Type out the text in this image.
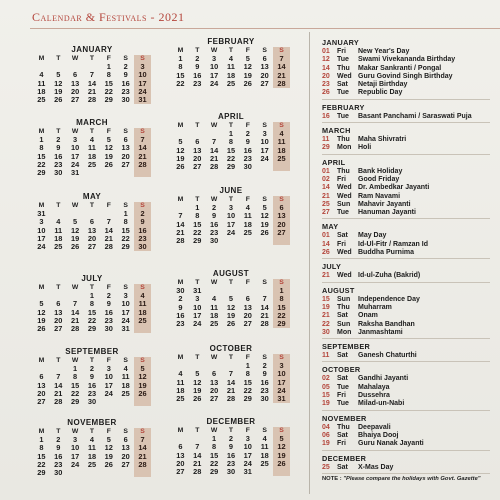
Calendar & Festivals - 2021
JANUARY
M	T	W	T	F	S	S
				1	2	3
4	5	6	7	8	9	10
11	12	13	14	15	16	17
18	19	20	21	22	23	24
25	26	27	28	29	30	31
FEBRUARY
M	T	W	T	F	S	S
1	2	3	4	5	6	7
8	9	10	11	12	13	14
15	16	17	18	19	20	21
22	23	24	25	26	27	28
MARCH
M	T	W	T	F	S	S
1	2	3	4	5	6	7
8	9	10	11	12	13	14
15	16	17	18	19	20	21
22	23	24	25	26	27	28
29	30	31				
APRIL
M	T	W	T	F	S	S
			1	2	3	4
5	6	7	8	9	10	11
12	13	14	15	16	17	18
19	20	21	22	23	24	25
26	27	28	29	30		
MAY
M	T	W	T	F	S	S
31					1	2
3	4	5	6	7	8	9
10	11	12	13	14	15	16
17	18	19	20	21	22	23
24	25	26	27	28	29	30
JUNE
M	T	W	T	F	S	S
	1	2	3	4	5	6
7	8	9	10	11	12	13
14	15	16	17	18	19	20
21	22	23	24	25	26	27
28	29	30				
JULY
M	T	W	T	F	S	S
			1	2	3	4
5	6	7	8	9	10	11
12	13	14	15	16	17	18
19	20	21	22	23	24	25
26	27	28	29	30	31	
AUGUST
M	T	W	T	F	S	S
30	31					1
2	3	4	5	6	7	8
9	10	11	12	13	14	15
16	17	18	19	20	21	22
23	24	25	26	27	28	29
SEPTEMBER
M	T	W	T	F	S	S
		1	2	3	4	5
6	7	8	9	10	11	12
13	14	15	16	17	18	19
20	21	22	23	24	25	26
27	28	29	30			
OCTOBER
M	T	W	T	F	S	S
				1	2	3
4	5	6	7	8	9	10
11	12	13	14	15	16	17
18	19	20	21	22	23	24
25	26	27	28	29	30	31
NOVEMBER
M	T	W	T	F	S	S
1	2	3	4	5	6	7
8	9	10	11	12	13	14
15	16	17	18	19	20	21
22	23	24	25	26	27	28
29	30					
DECEMBER
M	T	W	T	F	S	S
		1	2	3	4	5
6	7	8	9	10	11	12
13	14	15	16	17	18	19
20	21	22	23	24	25	26
27	28	29	30	31		
JANUARY
01	Fri	New Year's Day
12	Tue	Swami Vivekananda Birthday
14	Thu	Makar Sankranti / Pongal
20	Wed Guru Govind Singh Birthday
23	Sat	Netaji Birthday
26	Tue	Republic Day
FEBRUARY
16	Tue	Basant Panchami / Saraswati Puja
MARCH
11	Thu	Maha Shivratri
29	Mon Holi
APRIL
01	Thu	Bank Holiday
02	Fri	Good Friday
14	Wed Dr. Ambedkar Jayanti
21	Wed Ram Navami
25	Sun	Mahavir Jayanti
27	Tue	Hanuman Jayanti
MAY
01	Sat	May Day
14	Fri	Id-Ul-Fitr / Ramzan Id
26	Wed Buddha Purnima
JULY
21	Wed Id-ul-Zuha (Bakrid)
AUGUST
15	Sun	Independence Day
19	Thu	Muharram
21	Sat	Onam
22	Sun	Raksha Bandhan
30	Mon Janmashtami
SEPTEMBER
11	Sat	Ganesh Chaturthi
OCTOBER
02	Sat	Gandhi Jayanti
05	Tue	Mahalaya
15	Fri	Dussehra
19	Tue	Milad-un-Nabi
NOVEMBER
04	Thu	Deepavali
06	Sat	Bhaiya Dooj
19	Fri	Guru Nanak Jayanti
DECEMBER
25	Sat	X-Mas Day
NOTE : "Please compare the holidays with Govt. Gazette"
